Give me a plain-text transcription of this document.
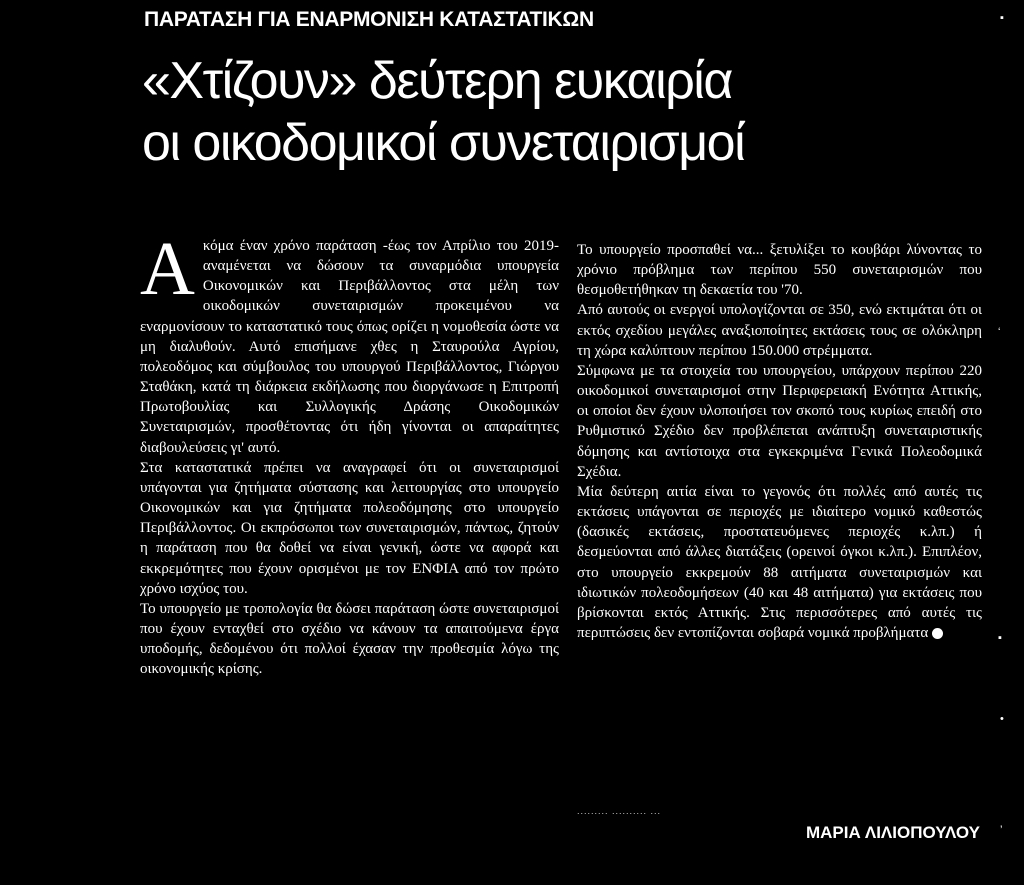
ΠΑΡΑΤΑΣΗ ΓΙΑ ΕΝΑΡΜΟΝΙΣΗ ΚΑΤΑΣΤΑΤΙΚΩΝ
«Χτίζουν» δεύτερη ευκαιρία
οι οικοδομικοί συνεταιρισμοί

Ακόμα έναν χρόνο παράταση -έως τον Απρίλιο του 2019- αναμένεται να δώσουν τα συναρμόδια υπουργεία Οικονομικών και Περιβάλλοντος στα μέλη των οικοδομικών συνεταιρισμών προκειμένου να εναρμονίσουν το καταστατικό τους όπως ορίζει η νομοθεσία ώστε να μη διαλυθούν. Αυτό επισήμανε χθες η Σταυρούλα Αγρίου, πολεοδόμος και σύμβουλος του υπουργού Περιβάλλοντος, Γιώργου Σταθάκη, κατά τη διάρκεια εκδήλωσης που διοργάνωσε η Επιτροπή Πρωτοβουλίας και Συλλογικής Δράσης Οικοδομικών Συνεταιρισμών, προσθέτοντας ότι ήδη γίνονται οι απαραίτητες διαβουλεύσεις γι' αυτό.

Στα καταστατικά πρέπει να αναγραφεί ότι οι συνεταιρισμοί υπάγονται για ζητήματα σύστασης και λειτουργίας στο υπουργείο Οικονομικών και για ζητήματα πολεοδόμησης στο υπουργείο Περιβάλλοντος. Οι εκπρόσωποι των συνεταιρισμών, πάντως, ζητούν η παράταση που θα δοθεί να είναι γενική, ώστε να αφορά και εκκρεμότητες που έχουν ορισμένοι με τον ΕΝΦΙΑ από τον πρώτο χρόνο ισχύος του.

Το υπουργείο με τροπολογία θα δώσει παράταση ώστε συνεταιρισμοί που έχουν ενταχθεί στο σχέδιο να κάνουν τα απαιτούμενα έργα υποδομής, δεδομένου ότι πολλοί έχασαν την προθεσμία λόγω της οικονομικής κρίσης.

Το υπουργείο προσπαθεί να... ξετυλίξει το κουβάρι λύνοντας το χρόνιο πρόβλημα των περίπου 550 συνεταιρισμών που θεσμοθετήθηκαν τη δεκαετία του '70.

Από αυτούς οι ενεργοί υπολογίζονται σε 350, ενώ εκτιμάται ότι οι εκτός σχεδίου μεγάλες αναξιοποίητες εκτάσεις τους σε ολόκληρη τη χώρα καλύπτουν περίπου 150.000 στρέμματα.

Σύμφωνα με τα στοιχεία του υπουργείου, υπάρχουν περίπου 220 οικοδομικοί συνεταιρισμοί στην Περιφερειακή Ενότητα Αττικής, οι οποίοι δεν έχουν υλοποιήσει τον σκοπό τους κυρίως επειδή στο Ρυθμιστικό Σχέδιο δεν προβλέπεται ανάπτυξη συνεταιριστικής δόμησης και αντίστοιχα στα εγκεκριμένα Γενικά Πολεοδομικά Σχέδια.

Μία δεύτερη αιτία είναι το γεγονός ότι πολλές από αυτές τις εκτάσεις υπάγονται σε περιοχές με ιδιαίτερο νομικό καθεστώς (δασικές εκτάσεις, προστατευόμενες περιοχές κ.λπ.) ή δεσμεύονται από άλλες διατάξεις (ορεινοί όγκοι κ.λπ.). Επιπλέον, στο υπουργείο εκκρεμούν 88 αιτήματα συνεταιρισμών και ιδιωτικών πολεοδομήσεων (40 και 48 αιτήματα) για εκτάσεις που βρίσκονται εκτός Αττικής. Στις περισσότερες από αυτές τις περιπτώσεις δεν εντοπίζονται σοβαρά νομικά προβλήματα

......... .......... ...
ΜΑΡΙΑ ΛΙΛΙΟΠΟΥΛΟΥ
▪
‘
▪
•
’
